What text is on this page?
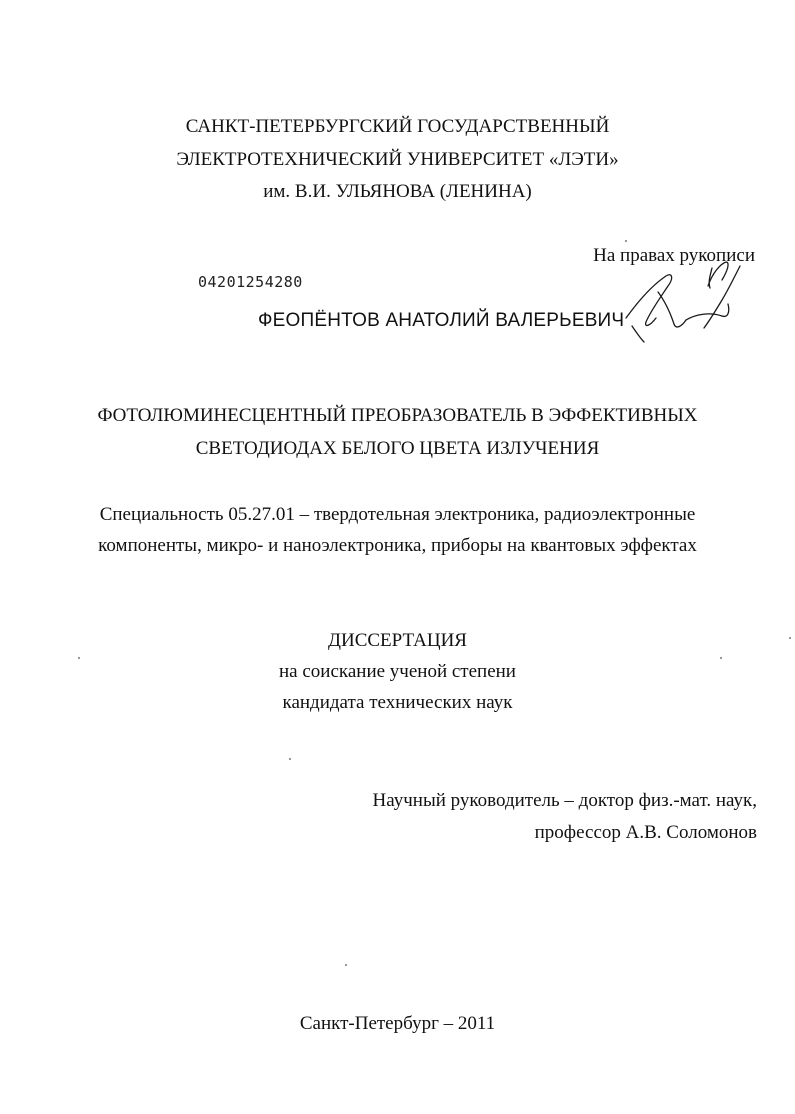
САНКТ-ПЕТЕРБУРГСКИЙ ГОСУДАРСТВЕННЫЙ
ЭЛЕКТРОТЕХНИЧЕСКИЙ УНИВЕРСИТЕТ «ЛЭТИ»
им. В.И. УЛЬЯНОВА (ЛЕНИНА)
На правах рукописи
04201254280
ФЕОПЁНТОВ АНАТОЛИЙ ВАЛЕРЬЕВИЧ
ФОТОЛЮМИНЕСЦЕНТНЫЙ ПРЕОБРАЗОВАТЕЛЬ В ЭФФЕКТИВНЫХ
СВЕТОДИОДАХ БЕЛОГО ЦВЕТА ИЗЛУЧЕНИЯ
Специальность 05.27.01 – твердотельная электроника, радиоэлектронные
компоненты, микро- и наноэлектроника, приборы на квантовых эффектах
ДИССЕРТАЦИЯ
на соискание ученой степени
кандидата технических наук
Научный руководитель – доктор физ.-мат. наук,
профессор А.В. Соломонов
Санкт-Петербург – 2011
